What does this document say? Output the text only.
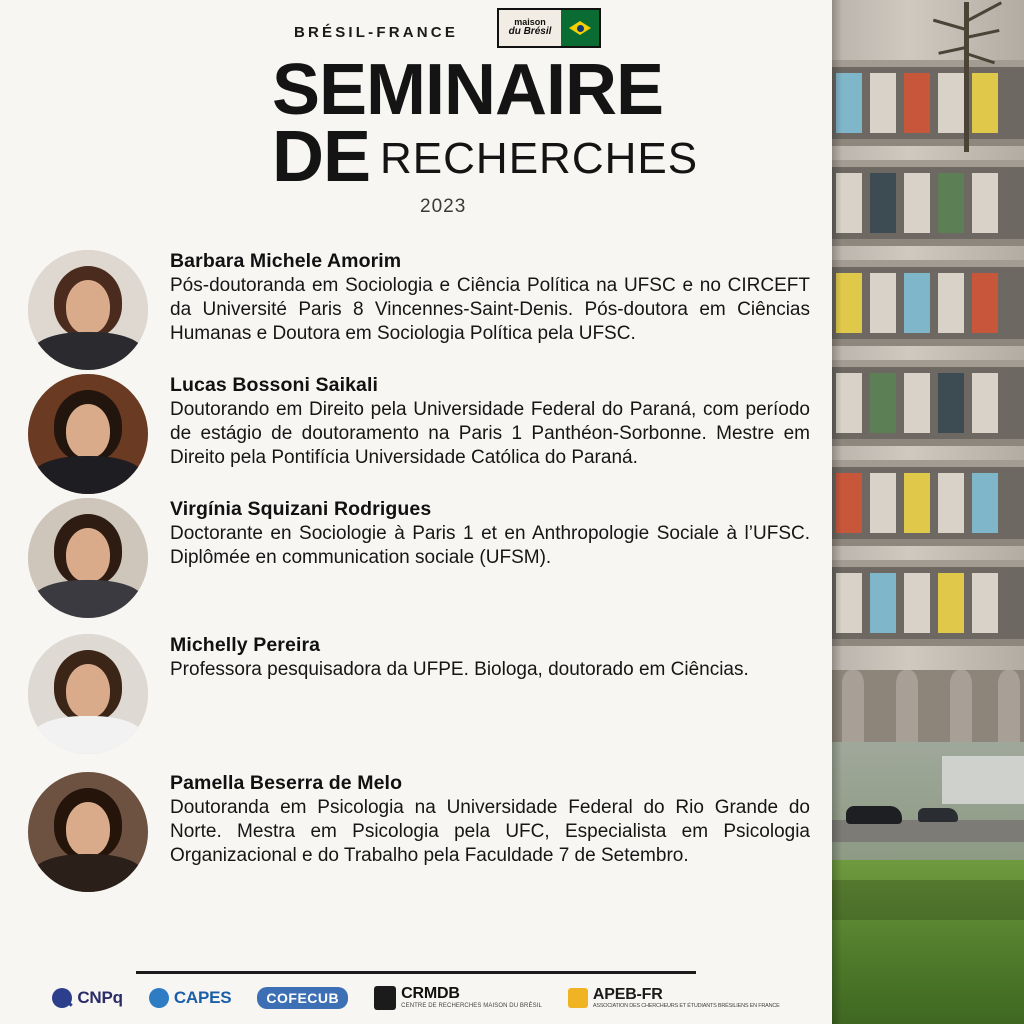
BRÉSIL-FRANCE
maison
du Brésil
SEMINAIRE
DE RECHERCHES
2023

Barbara Michele Amorim

Pós-doutoranda em Sociologia e Ciência Política na UFSC e no CIRCEFT da Université Paris 8 Vincennes-Saint-Denis. Pós-doutora em Ciências Humanas e Doutora em Sociologia Política pela UFSC.

Lucas Bossoni Saikali

Doutorando em Direito pela Universidade Federal do Paraná, com período de estágio de doutoramento na Paris 1 Panthéon-Sorbonne. Mestre em Direito pela Pontifícia Universidade Católica do Paraná.

Virgínia Squizani Rodrigues

Doctorante en Sociologie à Paris 1 et en Anthropologie Sociale à l’UFSC. Diplômée en communication sociale (UFSM).

Michelly Pereira

Professora pesquisadora da UFPE. Biologa, doutorado em Ciências.

Pamella Beserra de Melo

Doutoranda em Psicologia na Universidade Federal do Rio Grande do Norte. Mestra em Psicologia pela UFC, Especialista em Psicologia Organizacional e do Trabalho pela Faculdade 7 de Setembro.

CNPq	CAPES	COFECUB	CRMDB
CENTRE DE RECHERCHES MAISON DU BRÉSIL
APEB-FR
ASSOCIATION DES CHERCHEURS ET ÉTUDIANTS BRÉSILIENS EN FRANCE
